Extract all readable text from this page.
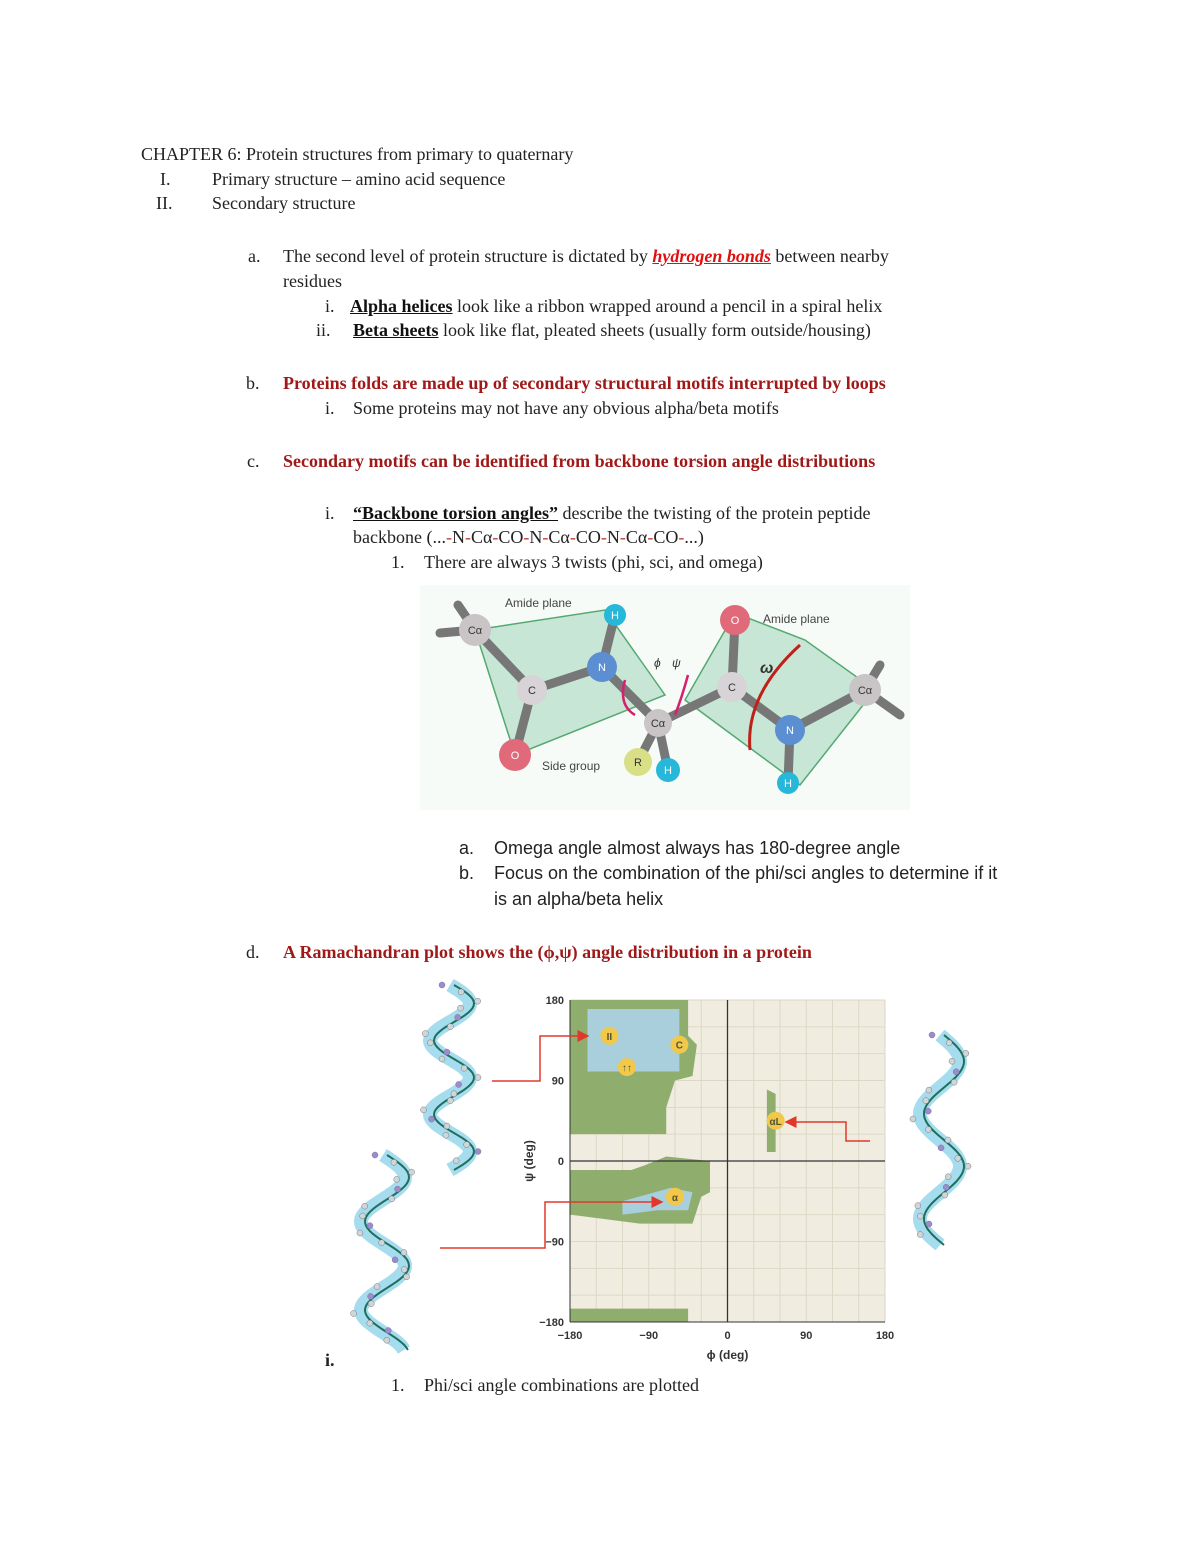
CHAPTER 6: Protein structures from primary to quaternary
I. Primary structure – amino acid sequence
II. Secondary structure
a. The second level of protein structure is dictated by hydrogen bonds between nearby
residues
i. Alpha helices look like a ribbon wrapped around a pencil in a spiral helix
ii. Beta sheets look like flat, pleated sheets (usually form outside/housing)
b. Proteins folds are made up of secondary structural motifs interrupted by loops
i. Some proteins may not have any obvious alpha/beta motifs
c. Secondary motifs can be identified from backbone torsion angle distributions
i. “Backbone torsion angles” describe the twisting of the protein peptide
backbone (...-N-Cα-CO-N-Cα-CO-N-Cα-CO-...)
1. There are always 3 twists (phi, sci, and omega)
Cα
C
O
N
H
Cα
R
H
C
O
N
H
Cα
Amide plane
Amide plane
Side group
ϕ ψ	ω
a. Omega angle almost always has 180-degree angle
b. Focus on the combination of the phi/sci angles to determine if it
is an alpha/beta helix
d. A Ramachandran plot shows the (ϕ,ψ) angle distribution in a protein
II
↑↑
C
α
αL
−180	−90	0	90	180
180
90
0
−90
−180
ϕ (deg)
ψ (deg)
i.
1. Phi/sci angle combinations are plotted
